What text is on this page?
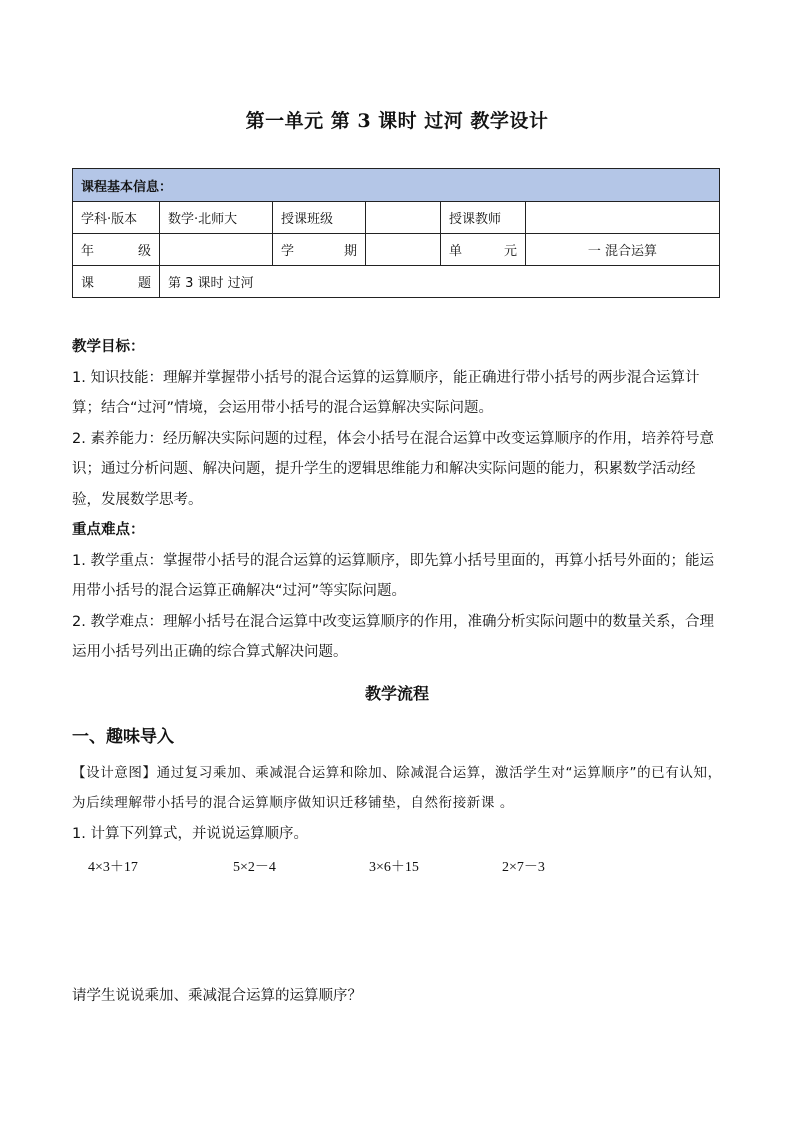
第一单元 第 3 课时 过河 教学设计
课程基本信息：					
学科·版本	数学·北师大	授课班级		授课教师	

年 级		学 期		单 元	一 混合运算

课 题	第 3 课时 过河				

教学目标：

1. 知识技能：理解并掌握带小括号的混合运算的运算顺序，能正确进行带小括号的两步混合运算计算；结合“过河”情境，会运用带小括号的混合运算解决实际问题。

2. 素养能力：经历解决实际问题的过程，体会小括号在混合运算中改变运算顺序的作用，培养符号意识；通过分析问题、解决问题，提升学生的逻辑思维能力和解决实际问题的能力，积累数学活动经验，发展数学思考。

重点难点：

1. 教学重点：掌握带小括号的混合运算的运算顺序，即先算小括号里面的，再算小括号外面的；能运用带小括号的混合运算正确解决“过河”等实际问题。

2. 教学难点：理解小括号在混合运算中改变运算顺序的作用，准确分析实际问题中的数量关系，合理运用小括号列出正确的综合算式解决问题。

教学流程
一、趣味导入
【设计意图】通过复习乘加、乘减混合运算和除加、除减混合运算，激活学生对“运算顺序”的已有认知，为后续理解带小括号的混合运算顺序做知识迁移铺垫，自然衔接新课 。
1. 计算下列算式，并说说运算顺序。
4×3＋17	5×2－4	3×6＋15	2×7－3
请学生说说乘加、乘减混合运算的运算顺序？
